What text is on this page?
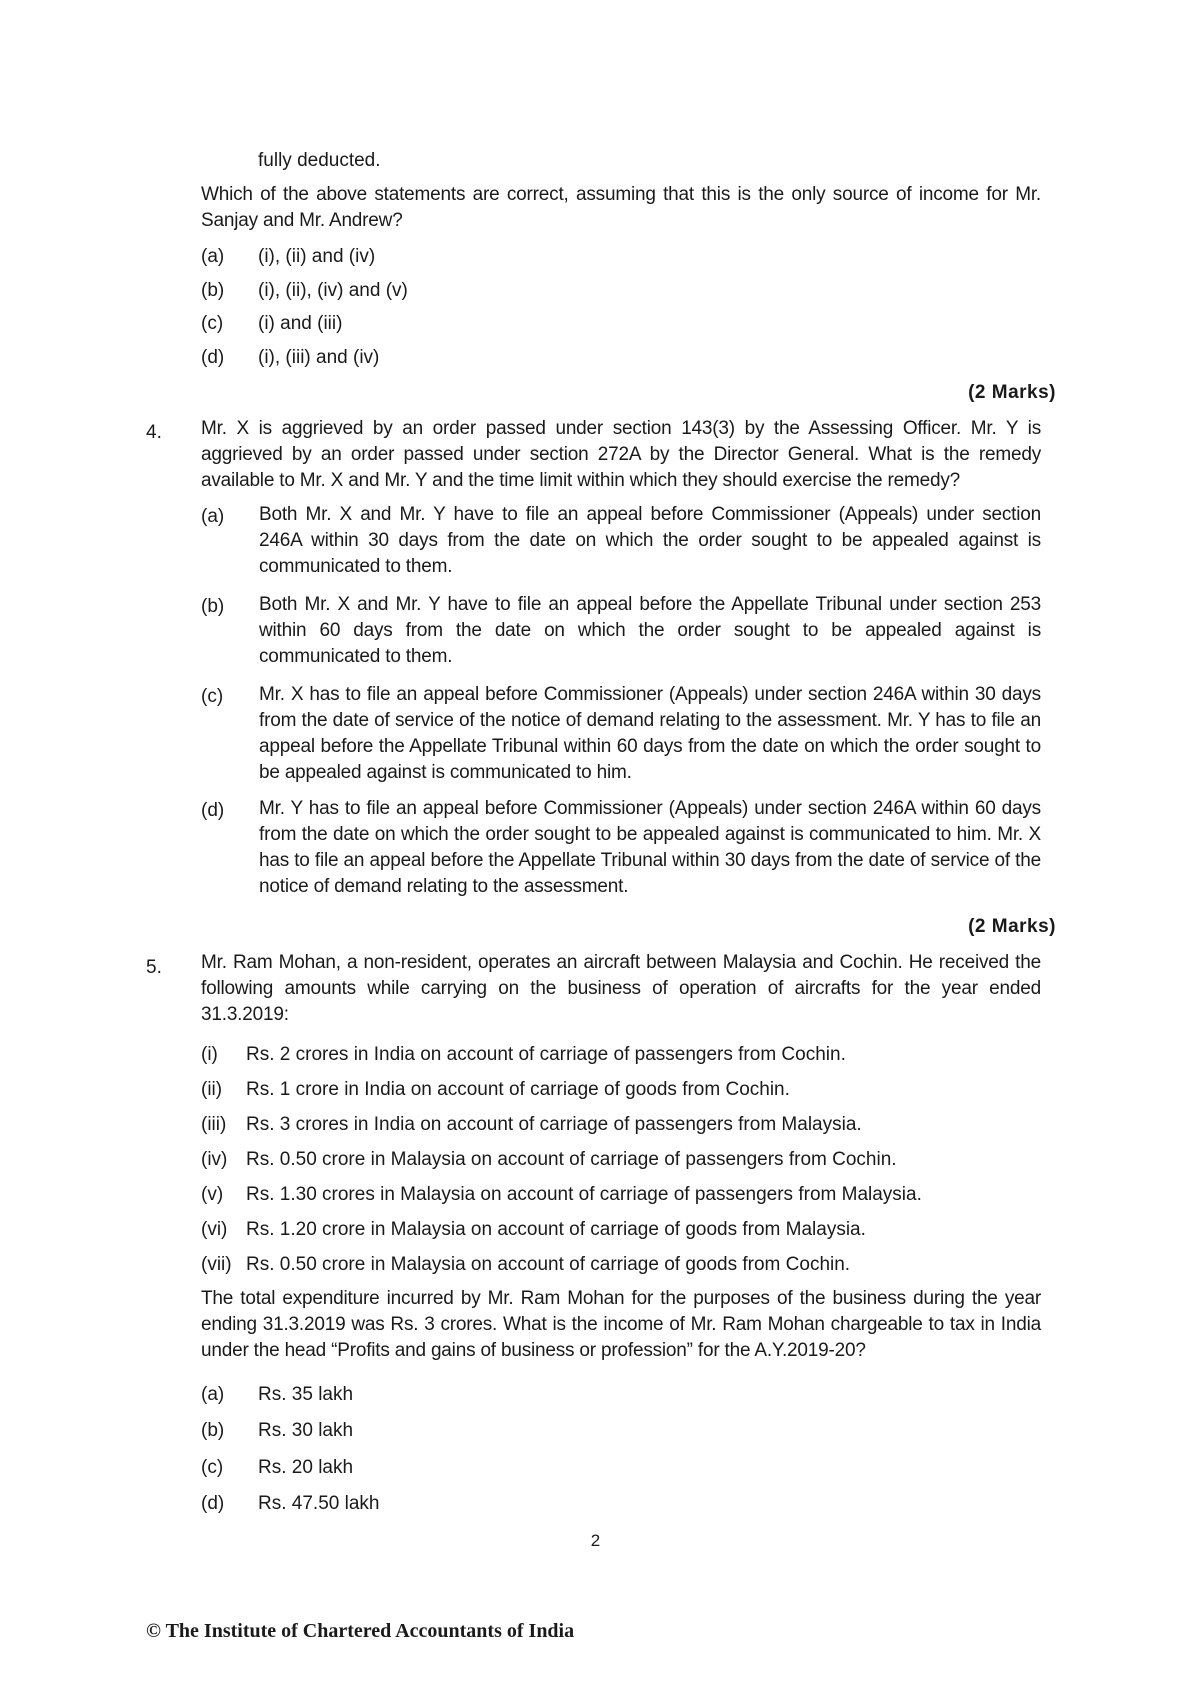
fully deducted.
Which of the above statements are correct, assuming that this is the only source of income for Mr. Sanjay and Mr. Andrew?
(a) (i), (ii) and (iv)
(b) (i), (ii), (iv) and (v)
(c) (i) and (iii)
(d) (i), (iii) and (iv)
(2 Marks)
4. Mr. X is aggrieved by an order passed under section 143(3) by the Assessing Officer. Mr. Y is aggrieved by an order passed under section 272A by the Director General. What is the remedy available to Mr. X and Mr. Y and the time limit within which they should exercise the remedy?
(a) Both Mr. X and Mr. Y have to file an appeal before Commissioner (Appeals) under section 246A within 30 days from the date on which the order sought to be appealed against is communicated to them.
(b) Both Mr. X and Mr. Y have to file an appeal before the Appellate Tribunal under section 253 within 60 days from the date on which the order sought to be appealed against is communicated to them.
(c) Mr. X has to file an appeal before Commissioner (Appeals) under section 246A within 30 days from the date of service of the notice of demand relating to the assessment. Mr. Y has to file an appeal before the Appellate Tribunal within 60 days from the date on which the order sought to be appealed against is communicated to him.
(d) Mr. Y has to file an appeal before Commissioner (Appeals) under section 246A within 60 days from the date on which the order sought to be appealed against is communicated to him. Mr. X has to file an appeal before the Appellate Tribunal within 30 days from the date of service of the notice of demand relating to the assessment.
(2 Marks)
5. Mr. Ram Mohan, a non-resident, operates an aircraft between Malaysia and Cochin. He received the following amounts while carrying on the business of operation of aircrafts for the year ended 31.3.2019:
(i) Rs. 2 crores in India on account of carriage of passengers from Cochin.
(ii) Rs. 1 crore in India on account of carriage of goods from Cochin.
(iii) Rs. 3 crores in India on account of carriage of passengers from Malaysia.
(iv) Rs. 0.50 crore in Malaysia on account of carriage of passengers from Cochin.
(v) Rs. 1.30 crores in Malaysia on account of carriage of passengers from Malaysia.
(vi) Rs. 1.20 crore in Malaysia on account of carriage of goods from Malaysia.
(vii) Rs. 0.50 crore in Malaysia on account of carriage of goods from Cochin.
The total expenditure incurred by Mr. Ram Mohan for the purposes of the business during the year ending 31.3.2019 was Rs. 3 crores. What is the income of Mr. Ram Mohan chargeable to tax in India under the head “Profits and gains of business or profession” for the A.Y.2019-20?
(a) Rs. 35 lakh
(b) Rs. 30 lakh
(c) Rs. 20 lakh
(d) Rs. 47.50 lakh
2
© The Institute of Chartered Accountants of India
